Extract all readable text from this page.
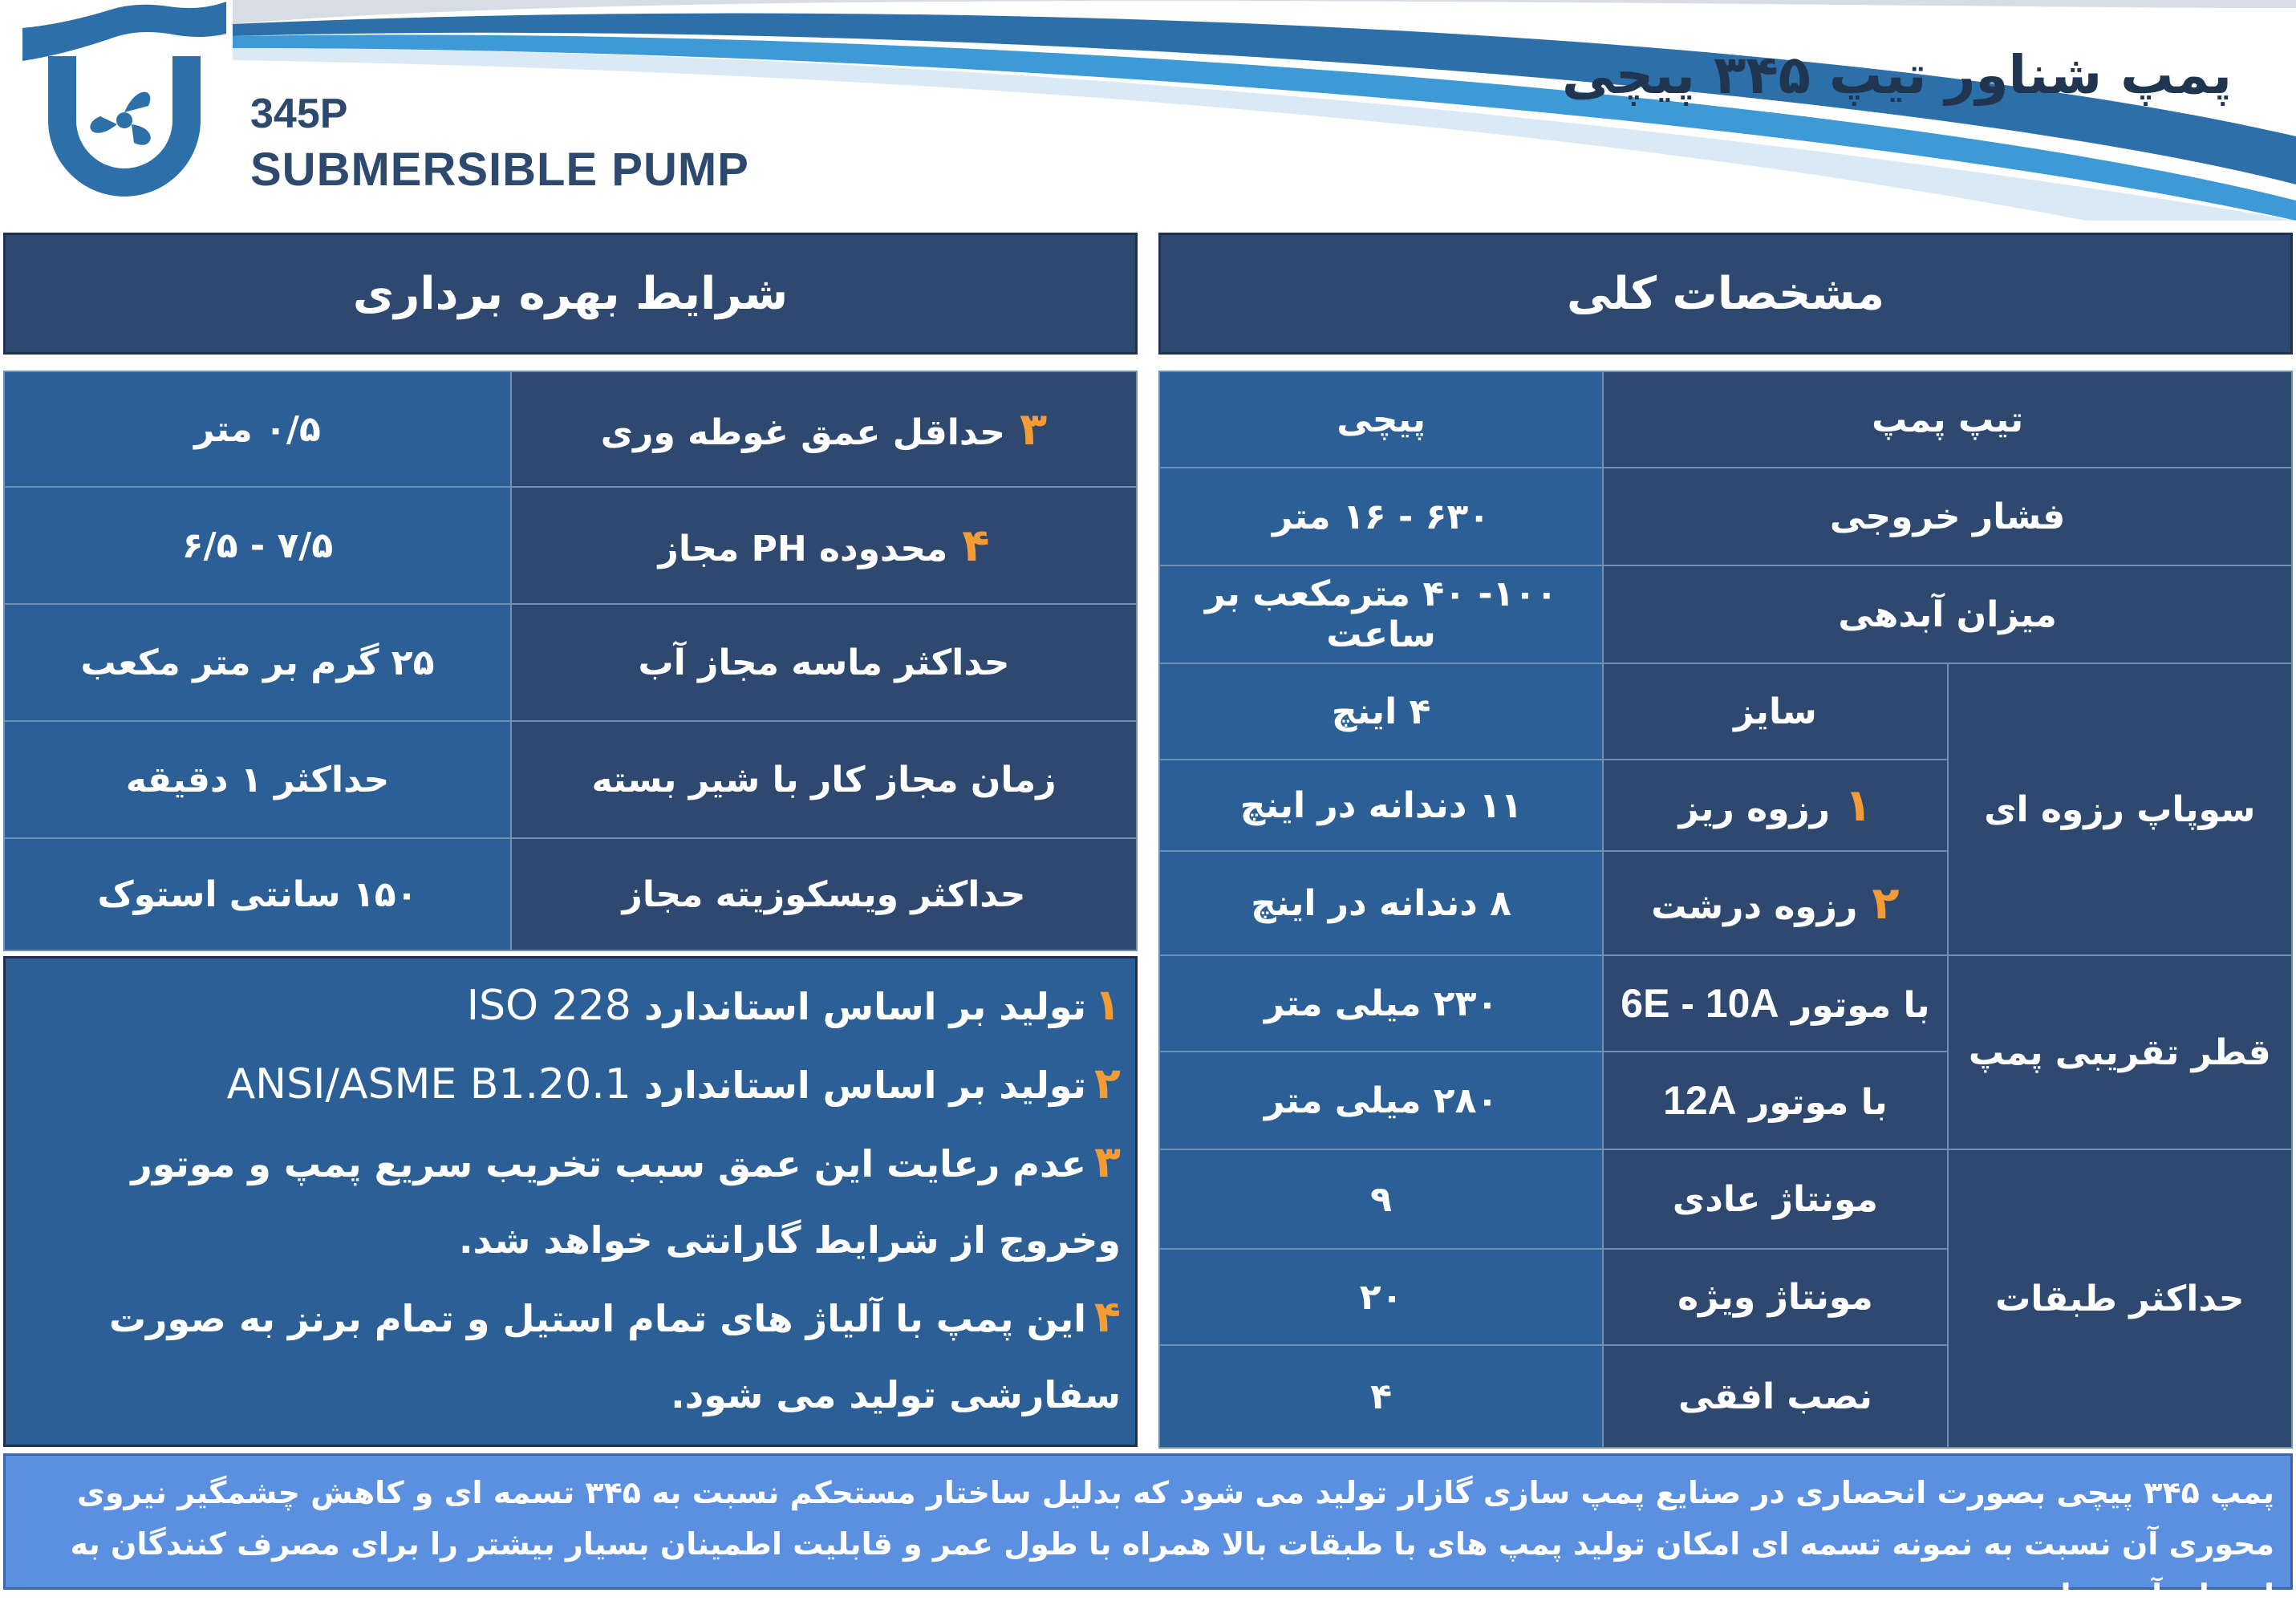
345P
SUBMERSIBLE PUMP
پمپ شناور تیپ ۳۴۵ پیچی
شرایط بهره برداری
۳حداقل عمق غوطه وری	۰/۵ متر
۴محدوده PH مجاز	۷/۵ - ۶/۵
حداکثر ماسه مجاز آب	۲۵ گرم بر متر مکعب
زمان مجاز کار با شیر بسته	حداکثر ۱ دقیقه
حداکثر ویسکوزیته مجاز	۱۵۰ سانتی استوک
۱تولید بر اساس استاندارد ISO 228
۲تولید بر اساس استاندارد ANSI/ASME B1.20.1
۳عدم رعایت این عمق سبب تخریب سریع پمپ و موتور وخروج از شرایط گارانتی خواهد شد.
۴این پمپ با آلیاژ های تمام استیل و تمام برنز به صورت سفارشی تولید می شود.
مشخصات کلی
تیپ پمپ		پیچی
فشار خروجی		۶۳۰ - ۱۶ متر
میزان آبدهی		۱۰۰- ۴۰ مترمکعب بر ساعت
سوپاپ رزوه ای	سایز	۴ اینچ
	۱رزوه ریز	۱۱ دندانه در اینچ
	۲رزوه درشت	۸ دندانه در اینچ
قطر تقریبی پمپ	با موتور 6E - 10A	۲۳۰ میلی متر
	با موتور 12A	۲۸۰ میلی متر
حداکثر طبقات	مونتاژ عادی	۹
	مونتاژ ویژه	۲۰
	نصب افقی	۴
پمپ ۳۴۵ پیچی بصورت انحصاری در صنایع پمپ سازی گازار تولید می شود که بدلیل ساختار مستحکم نسبت به ۳۴۵ تسمه ای و کاهش چشمگیر نیروی محوری آن نسبت به نمونه تسمه ای امکان تولید پمپ های با طبقات بالا همراه با طول عمر و قابلیت اطمینان بسیار بیشتر را برای مصرف کنندگان به ارمغان آورده است.
